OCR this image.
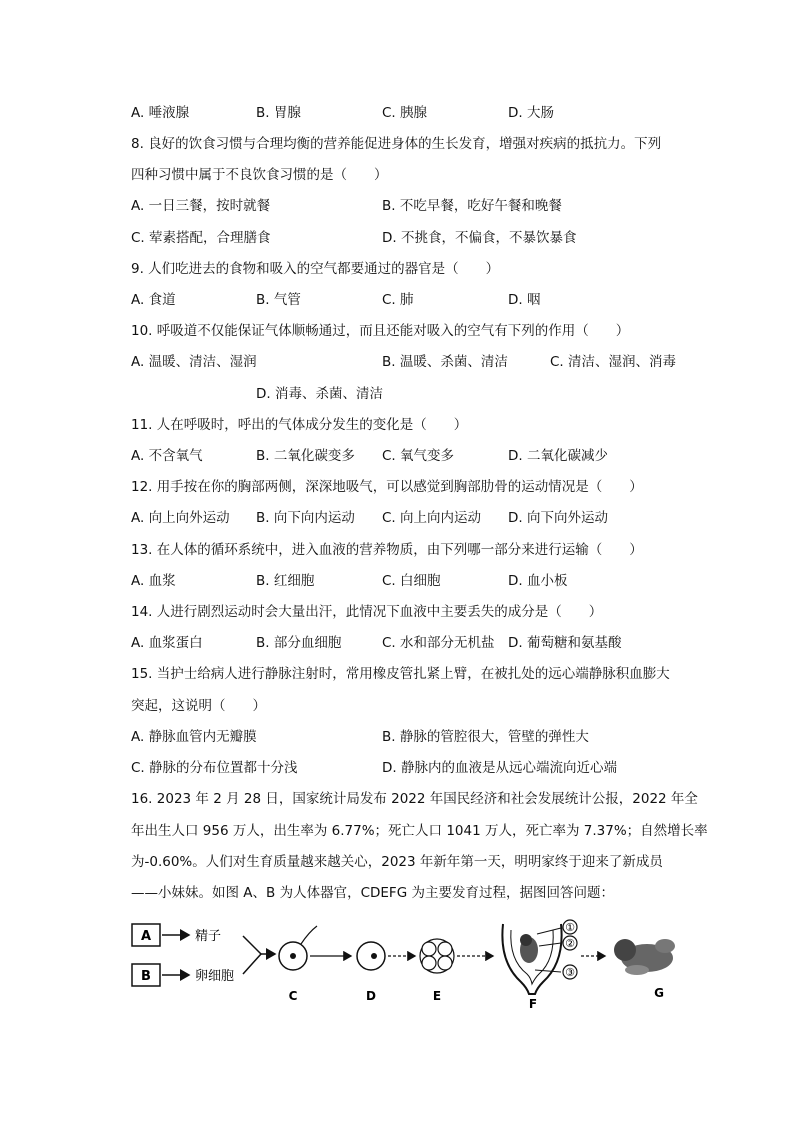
A. 唾液腺	B. 胃腺	C. 胰腺	D. 大肠
8. 良好的饮食习惯与合理均衡的营养能促进身体的生长发育，增强对疾病的抵抗力。下列
四种习惯中属于不良饮食习惯的是（　　）
A. 一日三餐，按时就餐	B. 不吃早餐，吃好午餐和晚餐
C. 荤素搭配，合理膳食	D. 不挑食，不偏食，不暴饮暴食
9. 人们吃进去的食物和吸入的空气都要通过的器官是（　　）
A. 食道	B. 气管	C. 肺	D. 咽
10. 呼吸道不仅能保证气体顺畅通过，而且还能对吸入的空气有下列的作用（　　）
A. 温暖、清洁、湿润	B. 温暖、杀菌、清洁	C. 清洁、湿润、消毒
D. 消毒、杀菌、清洁
11. 人在呼吸时，呼出的气体成分发生的变化是（　　）
A. 不含氧气	B. 二氧化碳变多 C. 氧气变多	D. 二氧化碳减少
12. 用手按在你的胸部两侧，深深地吸气，可以感觉到胸部肋骨的运动情况是（　　）
A. 向上向外运动 B. 向下向内运动 C. 向上向内运动 D. 向下向外运动
13. 在人体的循环系统中，进入血液的营养物质，由下列哪一部分来进行运输（　　）
A. 血浆	B. 红细胞	C. 白细胞	D. 血小板
14. 人进行剧烈运动时会大量出汗，此情况下血液中主要丢失的成分是（　　）
A. 血浆蛋白	B. 部分血细胞	C. 水和部分无机盐 D. 葡萄糖和氨基酸
15. 当护士给病人进行静脉注射时，常用橡皮管扎紧上臂，在被扎处的远心端静脉积血膨大
突起，这说明（　　）
A. 静脉血管内无瓣膜	B. 静脉的管腔很大，管壁的弹性大
C. 静脉的分布位置都十分浅	D. 静脉内的血液是从远心端流向近心端
16. 2023 年 2 月 28 日，国家统计局发布 2022 年国民经济和社会发展统计公报，2022 年全
年出生人口 956 万人，出生率为 6.77%；死亡人口 1041 万人，死亡率为 7.37%；自然增长率
为-0.60%。人们对生育质量越来越关心，2023 年新年第一天，明明家终于迎来了新成员
——小妹妹。如图 A、B 为人体器官，CDEFG 为主要发育过程，据图回答问题：
A	精子
B	卵细胞
C	D	E
①
②
③
F
G
